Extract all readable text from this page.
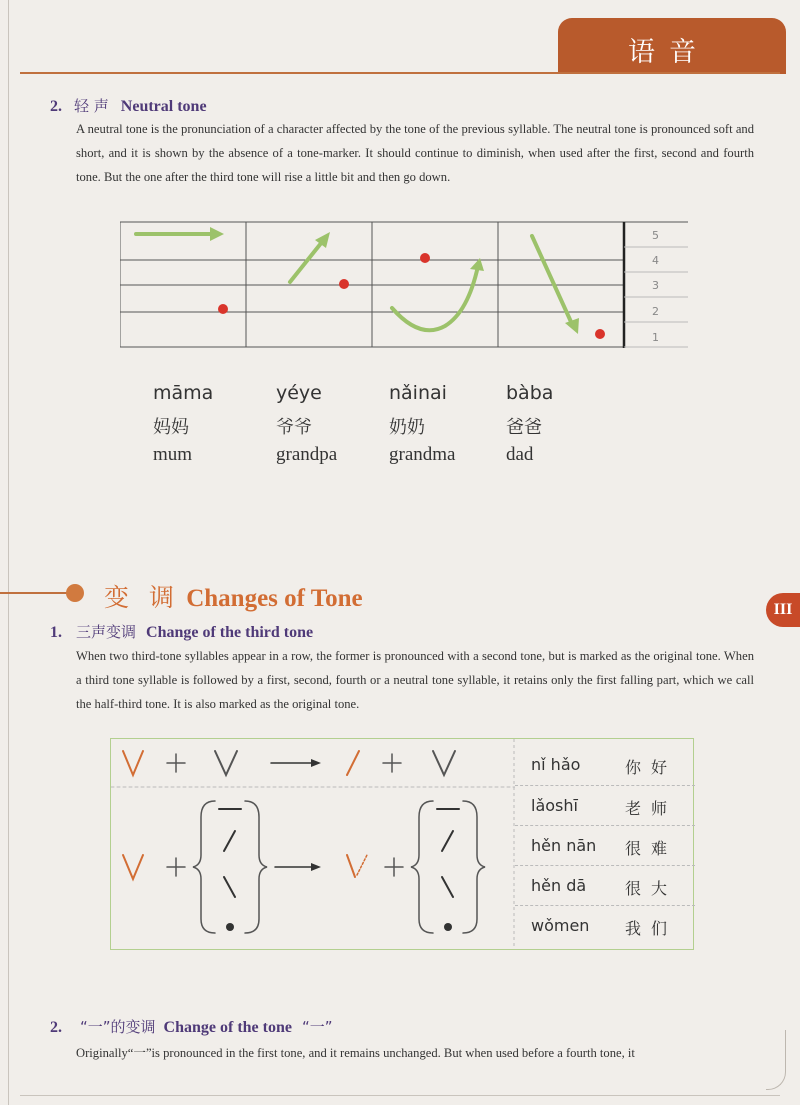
语音
2. 轻 声 Neutral tone

A neutral tone is the pronunciation of a character affected by the tone of the previous syllable. The neutral tone is pronounced soft and short, and it is shown by the absence of a tone-marker. It should continue to diminish, when used after the first, second and fourth tone. But the one after the third tone will rise a little bit and then go down.

5
4
3
2
1
māma	yéye	nǎinai	bàba
妈妈	爷爷	奶奶	爸爸
mum	grandpa	grandma	dad
变 调 Changes of Tone	III
1. 三声变调 Change of the third tone

When two third-tone syllables appear in a row, the former is pronounced with a second tone, but is marked as the original tone. When a third tone syllable is followed by a first, second, fourth or a neutral tone syllable, it retains only the first falling part, which we call the half-third tone. It is also marked as the original tone.

nǐ hǎo	你好
lǎoshī	老师
hěn nān 很难
hěn dā 很大
wǒmen 我们
2. “一”的变调 Change of the tone “一”

Originally“一”is pronounced in the first tone, and it remains unchanged. But when used before a fourth tone, it
